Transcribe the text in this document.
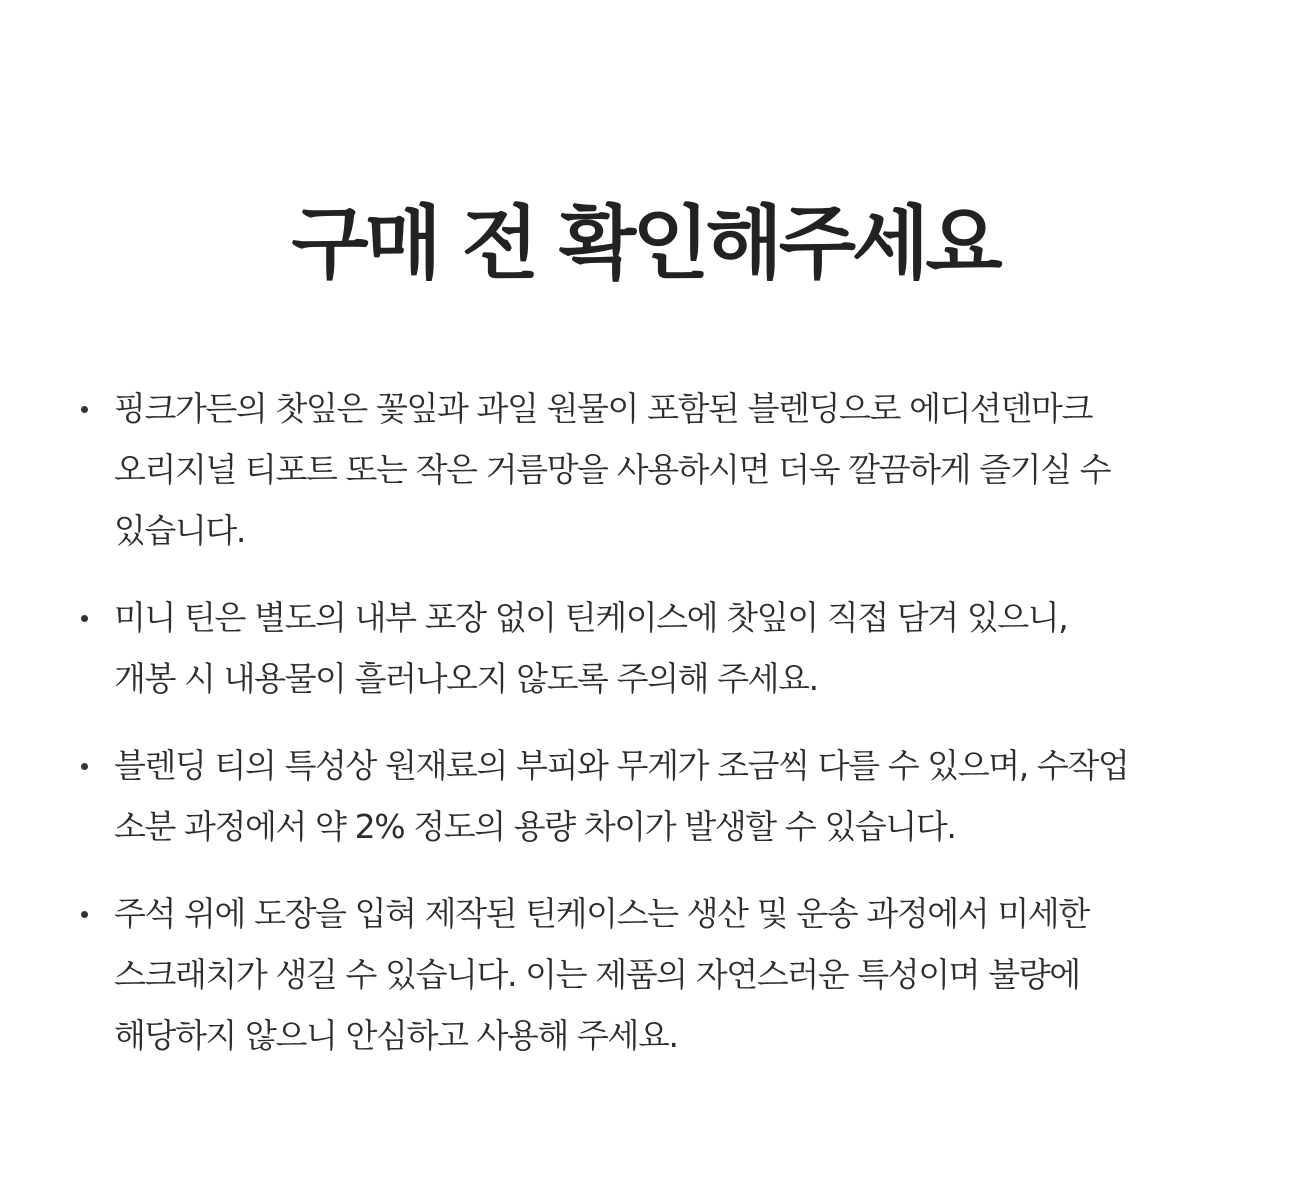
구매 전 확인해주세요
핑크가든의 찻잎은 꽃잎과 과일 원물이 포함된 블렌딩으로 에디션덴마크
오리지널 티포트 또는 작은 거름망을 사용하시면 더욱 깔끔하게 즐기실 수
있습니다.
미니 틴은 별도의 내부 포장 없이 틴케이스에 찻잎이 직접 담겨 있으니,
개봉 시 내용물이 흘러나오지 않도록 주의해 주세요.
블렌딩 티의 특성상 원재료의 부피와 무게가 조금씩 다를 수 있으며, 수작업
소분 과정에서 약 2% 정도의 용량 차이가 발생할 수 있습니다.
주석 위에 도장을 입혀 제작된 틴케이스는 생산 및 운송 과정에서 미세한
스크래치가 생길 수 있습니다. 이는 제품의 자연스러운 특성이며 불량에
해당하지 않으니 안심하고 사용해 주세요.
